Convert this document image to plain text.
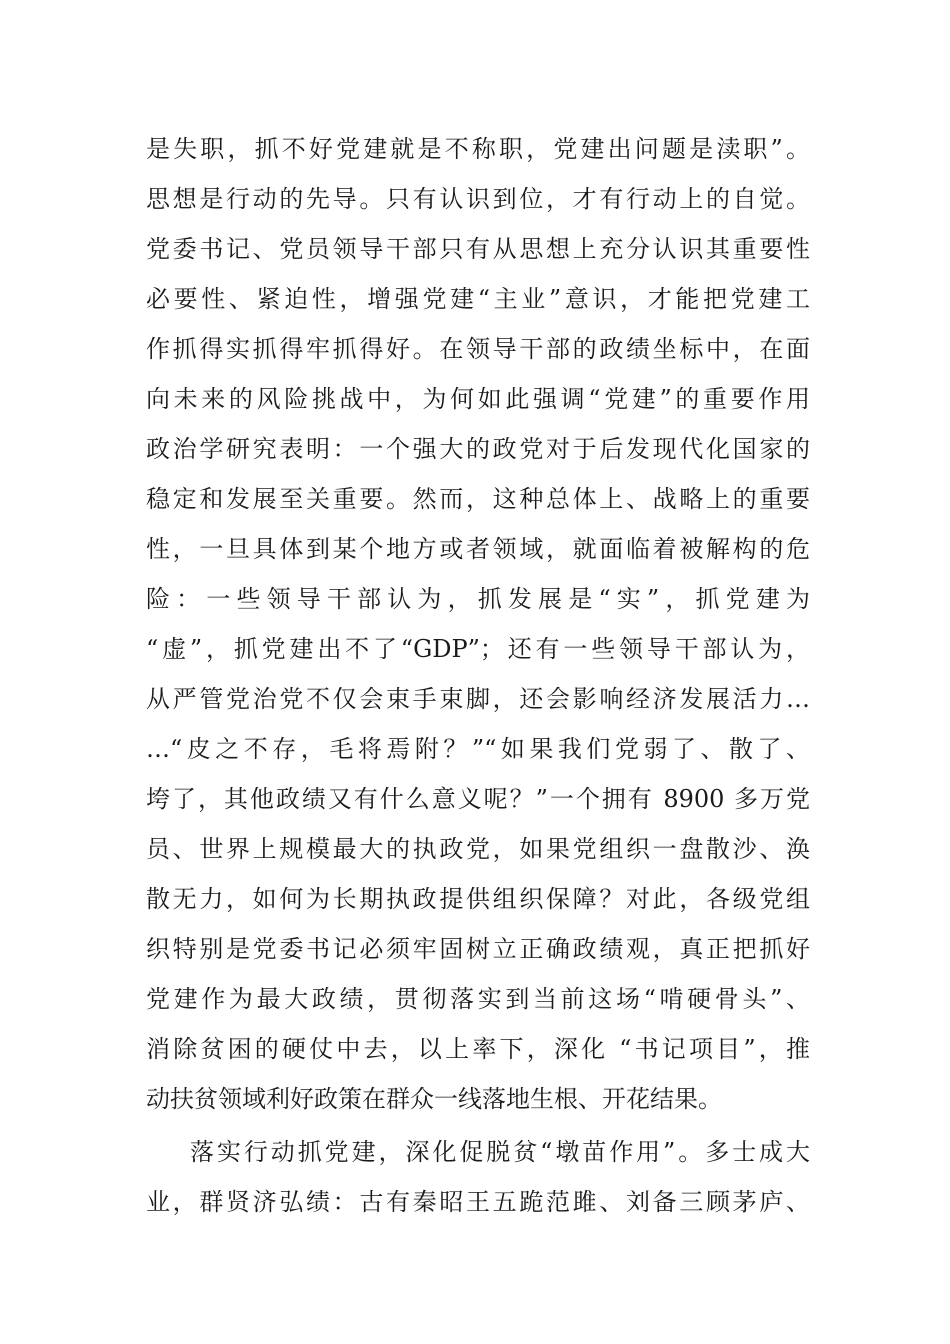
是失职，抓不好党建就是不称职，党建出问题是渎职”。
思想是行动的先导。只有认识到位，才有行动上的自觉。
党委书记、党员领导干部只有从思想上充分认识其重要性
必要性、紧迫性，增强党建“主业”意识，才能把党建工
作抓得实抓得牢抓得好。在领导干部的政绩坐标中，在面
向未来的风险挑战中，为何如此强调“党建”的重要作用
政治学研究表明：一个强大的政党对于后发现代化国家的
稳定和发展至关重要。然而，这种总体上、战略上的重要
性，一旦具体到某个地方或者领域，就面临着被解构的危
险：一些领导干部认为，抓发展是“实”，抓党建为
“虚”，抓党建出不了“GDP”；还有一些领导干部认为，
从严管党治党不仅会束手束脚，还会影响经济发展活力…
…“皮之不存，毛将焉附？”“如果我们党弱了、散了、
垮了，其他政绩又有什么意义呢？”一个拥有 8900 多万党
员、世界上规模最大的执政党，如果党组织一盘散沙、涣
散无力，如何为长期执政提供组织保障？对此，各级党组
织特别是党委书记必须牢固树立正确政绩观，真正把抓好
党建作为最大政绩，贯彻落实到当前这场“啃硬骨头”、
消除贫困的硬仗中去，以上率下，深化 “书记项目”，推
动扶贫领域利好政策在群众一线落地生根、开花结果。
落实行动抓党建，深化促脱贫“墩苗作用”。多士成大
业，群贤济弘绩：古有秦昭王五跪范雎、刘备三顾茅庐、
